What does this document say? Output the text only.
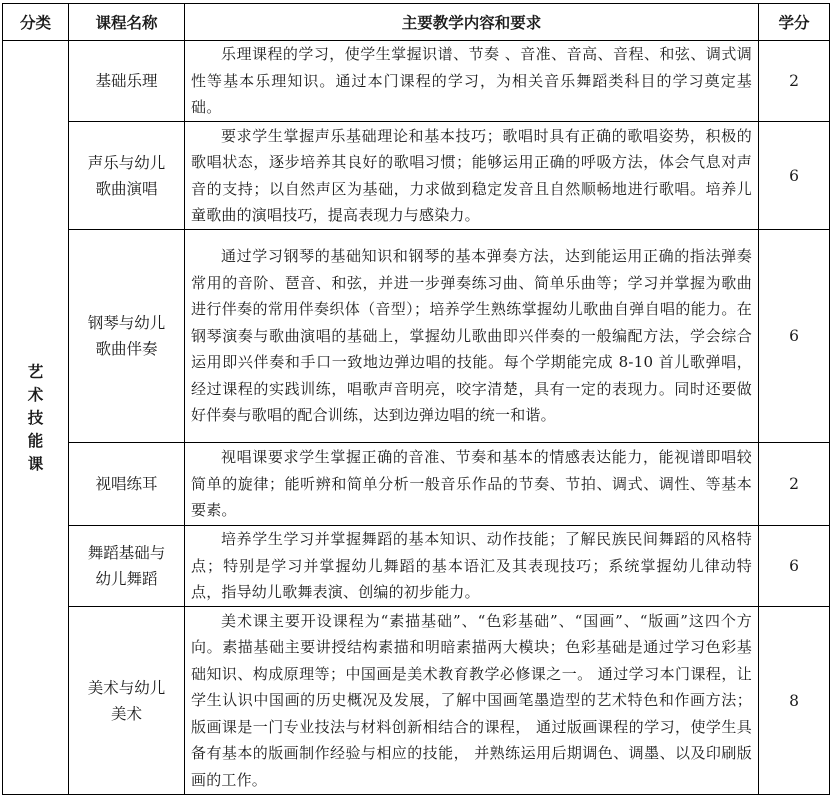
分类	课程名称	主要教学内容和要求	学分
艺术技能课	基础乐理	乐理课程的学习，使学生掌握识谱、节奏 、音准、音高、音程、和弦、调式调性等基本乐理知识。通过本门课程的学习，为相关音乐舞蹈类科目的学习奠定基础。	2
	声乐与幼儿歌曲演唱	要求学生掌握声乐基础理论和基本技巧；歌唱时具有正确的歌唱姿势，积极的歌唱状态，逐步培养其良好的歌唱习惯；能够运用正确的呼吸方法，体会气息对声音的支持；以自然声区为基础，力求做到稳定发音且自然顺畅地进行歌唱。培养儿童歌曲的演唱技巧，提高表现力与感染力。	6
	钢琴与幼儿歌曲伴奏	通过学习钢琴的基础知识和钢琴的基本弹奏方法，达到能运用正确的指法弹奏常用的音阶、琶音、和弦，并进一步弹奏练习曲、简单乐曲等；学习并掌握为歌曲进行伴奏的常用伴奏织体（音型）；培养学生熟练掌握幼儿歌曲自弹自唱的能力。在钢琴演奏与歌曲演唱的基础上，掌握幼儿歌曲即兴伴奏的一般编配方法，学会综合运用即兴伴奏和手口一致地边弹边唱的技能。每个学期能完成 8-10 首儿歌弹唱，经过课程的实践训练，唱歌声音明亮，咬字清楚，具有一定的表现力。同时还要做好伴奏与歌唱的配合训练，达到边弹边唱的统一和谐。	6
	视唱练耳	视唱课要求学生掌握正确的音准、节奏和基本的情感表达能力，能视谱即唱较简单的旋律；能听辨和简单分析一般音乐作品的节奏、节拍、调式、调性、等基本要素。	2
	舞蹈基础与幼儿舞蹈	培养学生学习并掌握舞蹈的基本知识、动作技能；了解民族民间舞蹈的风格特点；特别是学习并掌握幼儿舞蹈的基本语汇及其表现技巧；系统掌握幼儿律动特点，指导幼儿歌舞表演、创编的初步能力。	6
	美术与幼儿美术	美术课主要开设课程为“素描基础”、“色彩基础”、“国画”、“版画”这四个方向。素描基础主要讲授结构素描和明暗素描两大模块；色彩基础是通过学习色彩基础知识、构成原理等；中国画是美术教育教学必修课之一。 通过学习本门课程，让学生认识中国画的历史概况及发展，了解中国画笔墨造型的艺术特色和作画方法；版画课是一门专业技法与材料创新相结合的课程， 通过版画课程的学习，使学生具备有基本的版画制作经验与相应的技能， 并熟练运用后期调色、调墨、以及印刷版画的工作。	8
